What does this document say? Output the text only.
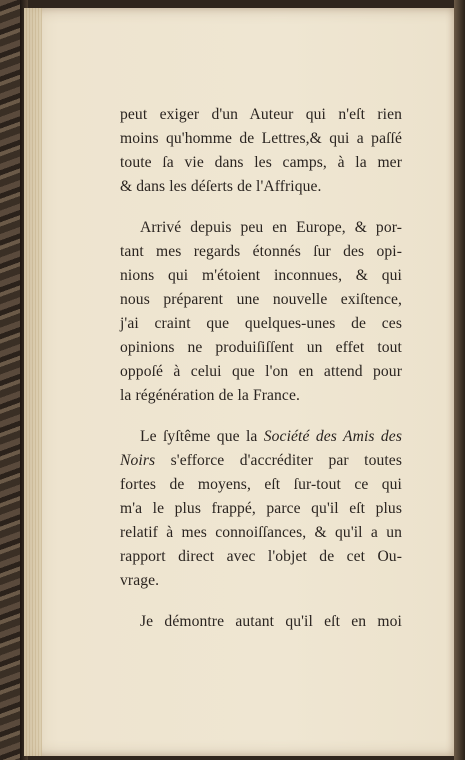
peut exiger d'un Auteur qui n'eſt rien
moins qu'homme de Lettres,& qui a paſſé
toute ſa vie dans les camps, à la mer
& dans les déſerts de l'Affrique.
Arrivé depuis peu en Europe, & por-
tant mes regards étonnés ſur des opi-
nions qui m'étoient inconnues, & qui
nous préparent une nouvelle exiſtence,
j'ai craint que quelques-unes de ces
opinions ne produiſiſſent un effet tout
oppoſé à celui que l'on en attend pour
la régénération de la France.
Le ſyſtême que la Société des Amis des
Noirs s'efforce d'accréditer par toutes
fortes de moyens, eſt ſur-tout ce qui
m'a le plus frappé, parce qu'il eſt plus
relatif à mes connoiſſances, & qu'il a un
rapport direct avec l'objet de cet Ou-
vrage.
Je démontre autant qu'il eſt en moi
